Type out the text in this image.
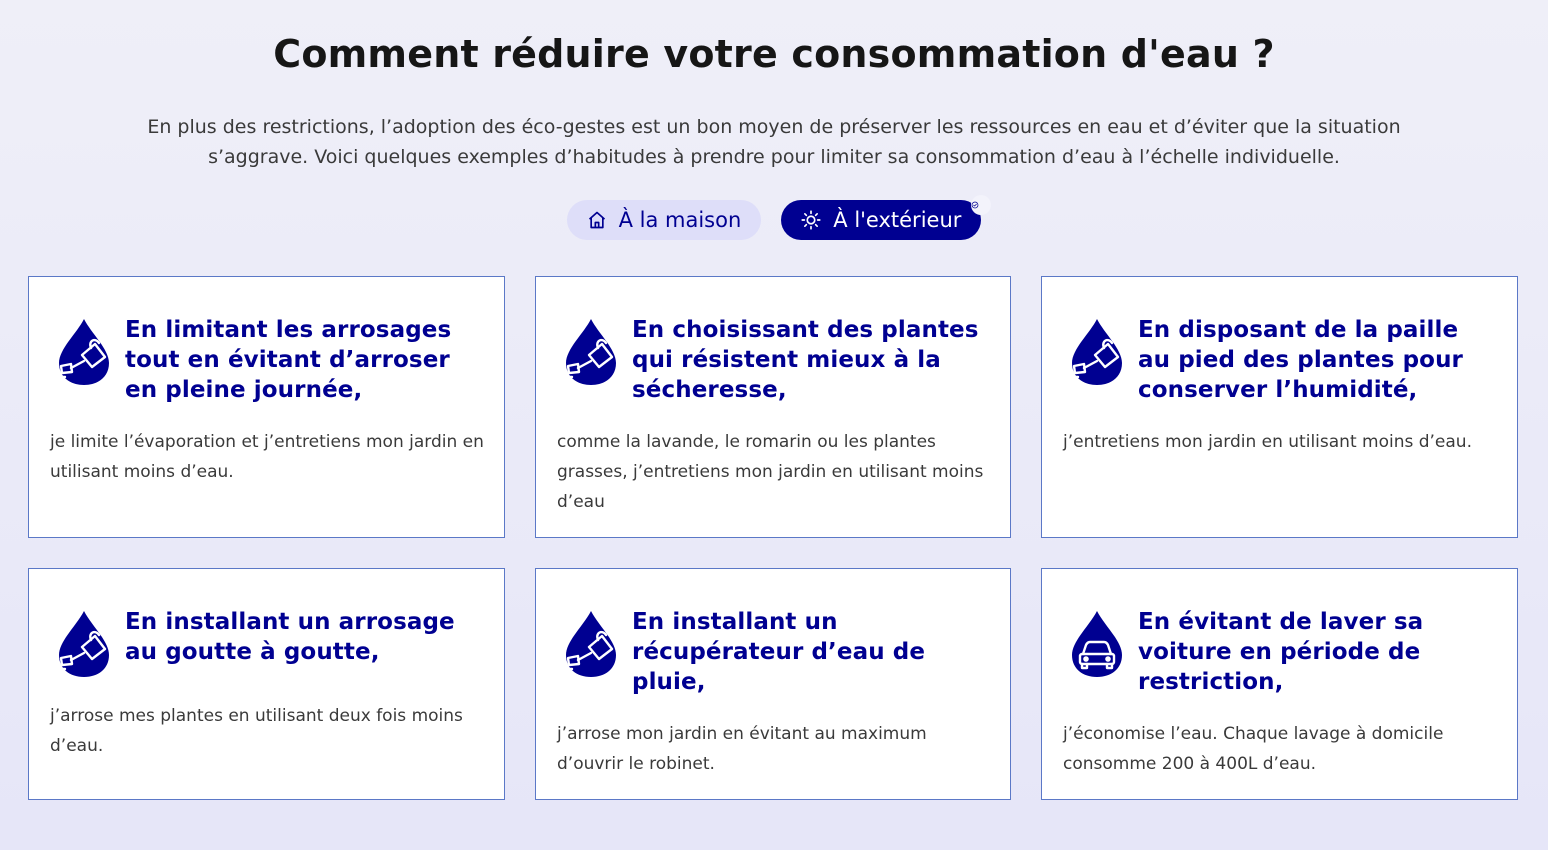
Comment réduire votre consommation d'eau ?

En plus des restrictions, l’adoption des éco-gestes est un bon moyen de préserver les ressources en eau et d’éviter que la situation s’aggrave. Voici quelques exemples d’habitudes à prendre pour limiter sa consommation d’eau à l’échelle individuelle.

À la maison	À l'extérieur
En limitant les arrosages tout en évitant d’arroser en pleine journée,

je limite l’évaporation et j’entretiens mon jardin en utilisant moins d’eau.

En choisissant des plantes qui résistent mieux à la sécheresse,

comme la lavande, le romarin ou les plantes grasses, j’entretiens mon jardin en utilisant moins d’eau

En disposant de la paille au pied des plantes pour conserver l’humidité,

j’entretiens mon jardin en utilisant moins d’eau.

En installant un arrosage au goutte à goutte,

j’arrose mes plantes en utilisant deux fois moins d’eau.

En installant un récupérateur d’eau de pluie,

j’arrose mon jardin en évitant au maximum d’ouvrir le robinet.

En évitant de laver sa voiture en période de restriction,

j’économise l’eau. Chaque lavage à domicile consomme 200 à 400L d’eau.
